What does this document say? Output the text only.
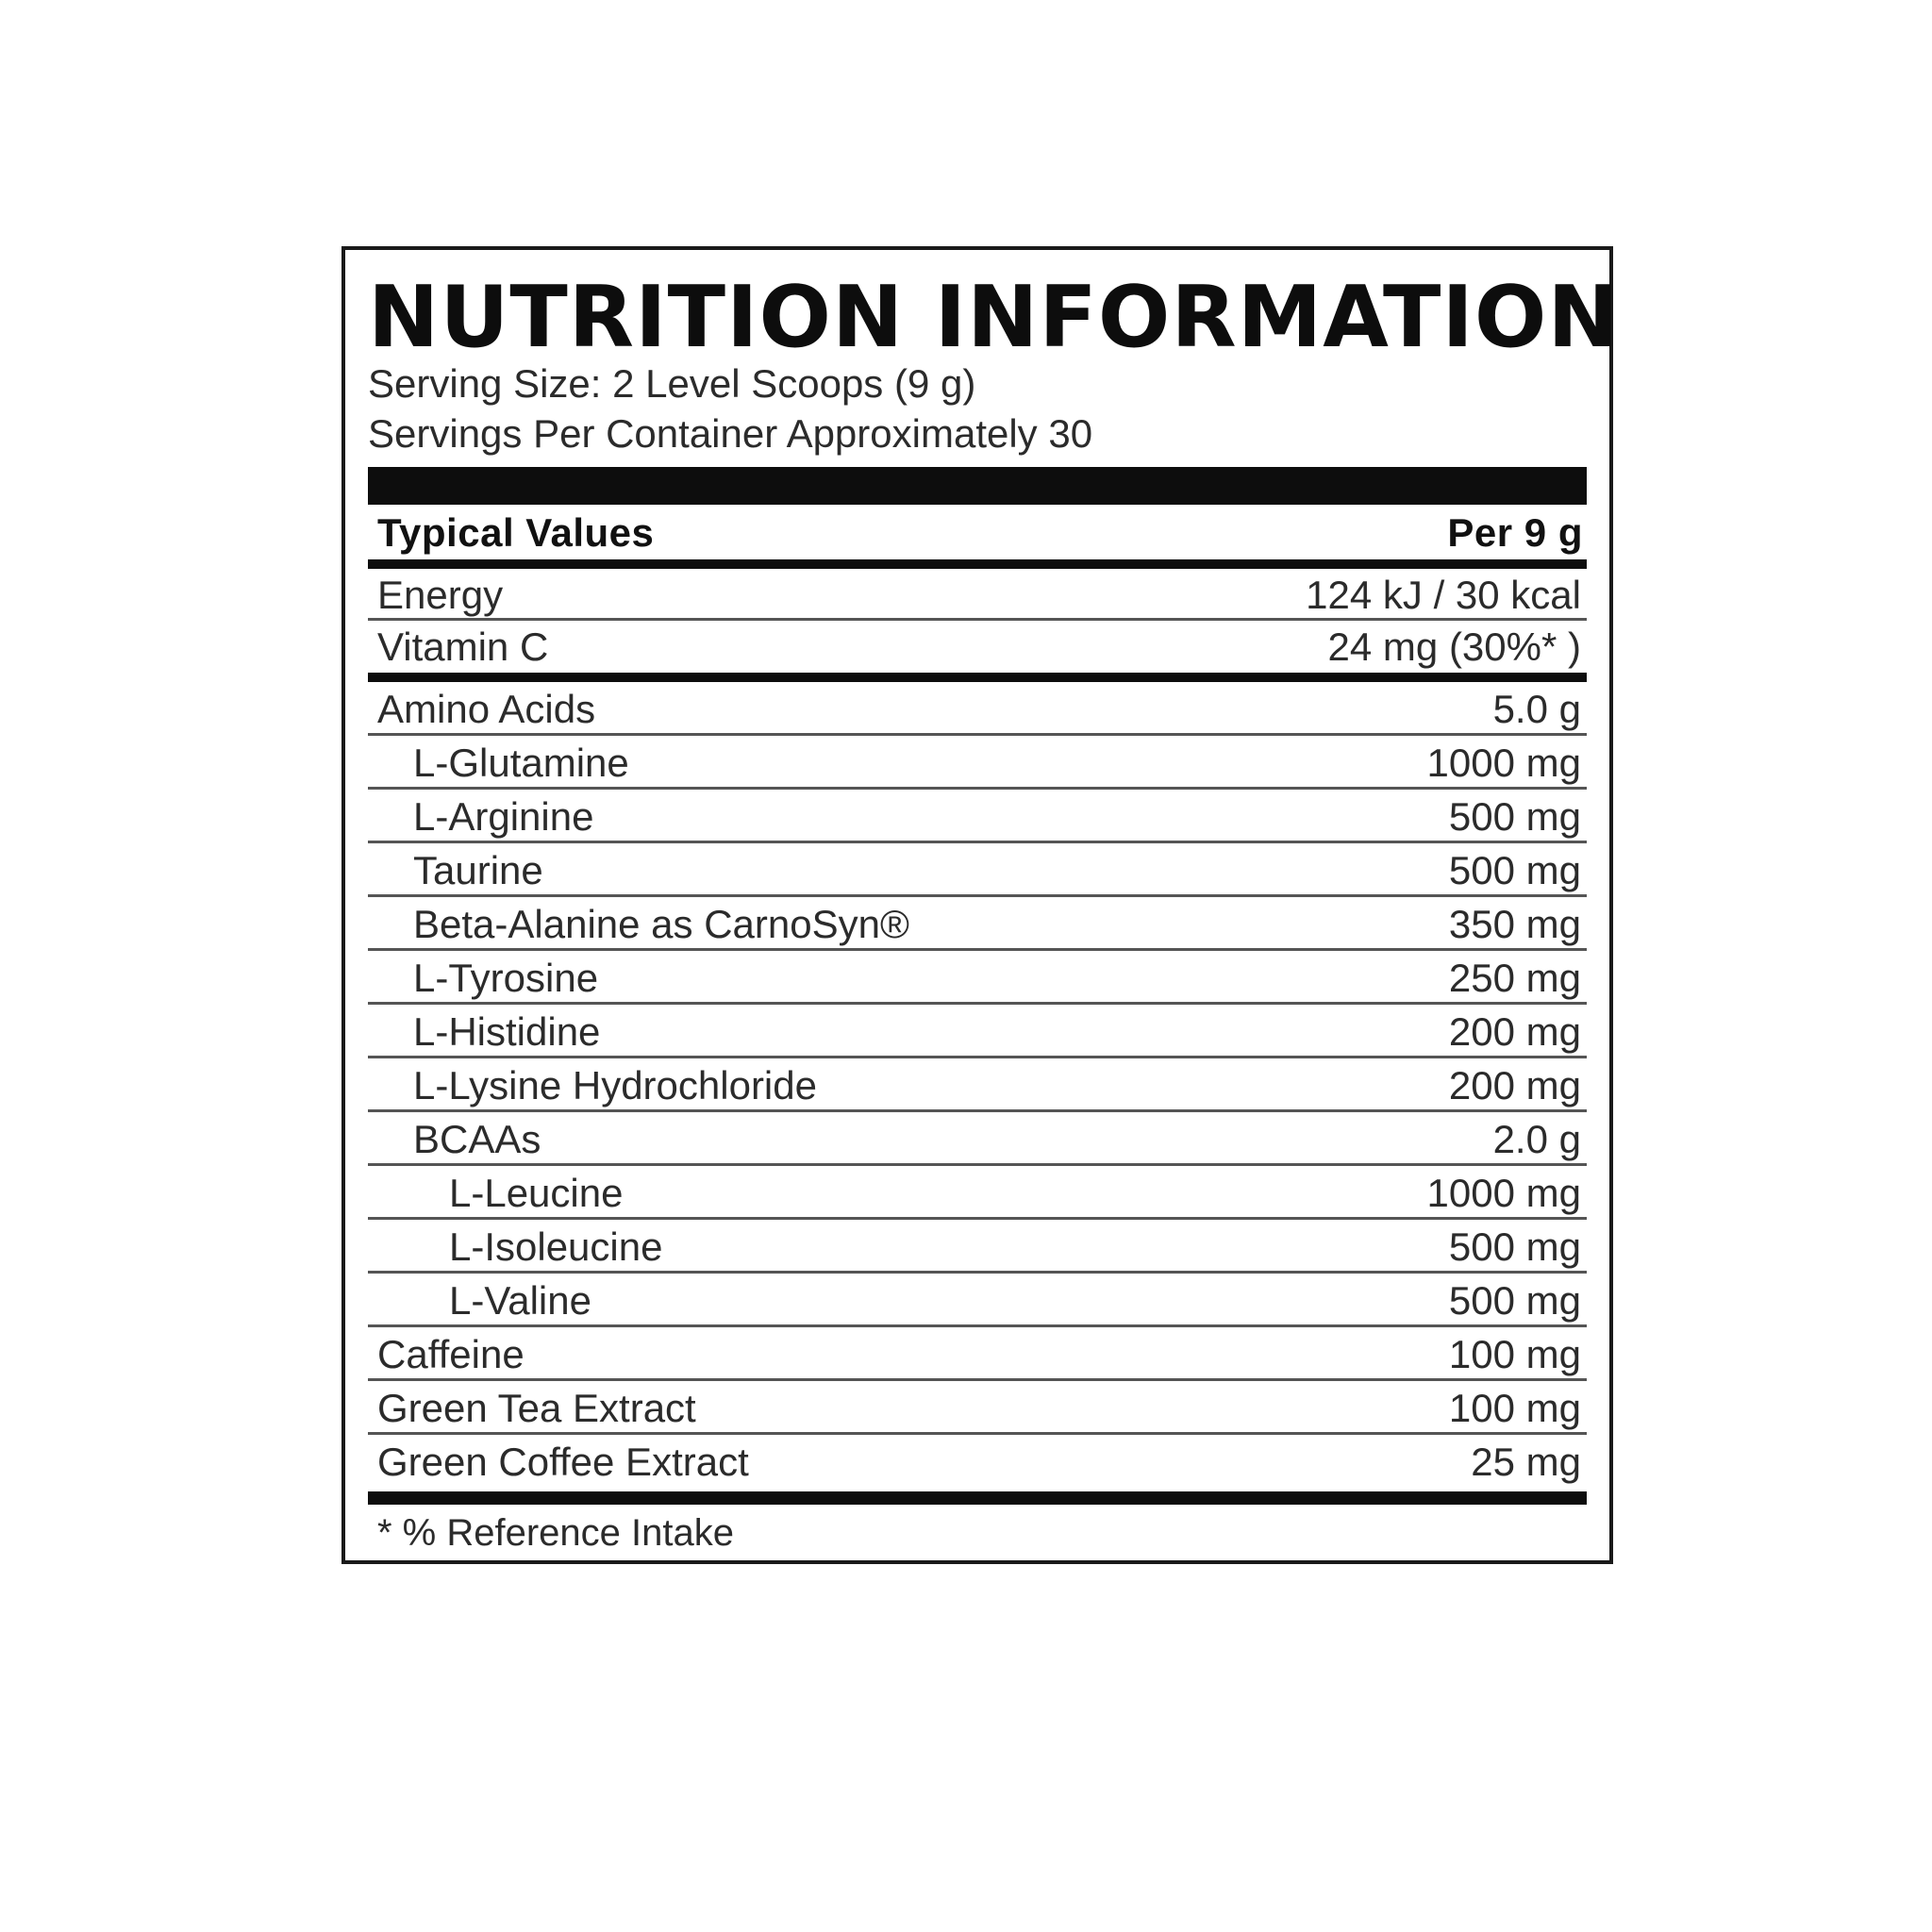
NUTRITION INFORMATION
Serving Size: 2 Level Scoops (9 g)
Servings Per Container Approximately 30
Typical Values	Per 9 g
Energy	124 kJ / 30 kcal
Vitamin C	24 mg (30%* )
Amino Acids	5.0 g
L-Glutamine	1000 mg
L-Arginine	500 mg
Taurine	500 mg
Beta-Alanine as CarnoSyn®	350 mg
L-Tyrosine	250 mg
L-Histidine	200 mg
L-Lysine Hydrochloride	200 mg
BCAAs	2.0 g
L-Leucine	1000 mg
L-Isoleucine	500 mg
L-Valine	500 mg
Caffeine	100 mg
Green Tea Extract	100 mg
Green Coffee Extract	25 mg
* % Reference Intake
